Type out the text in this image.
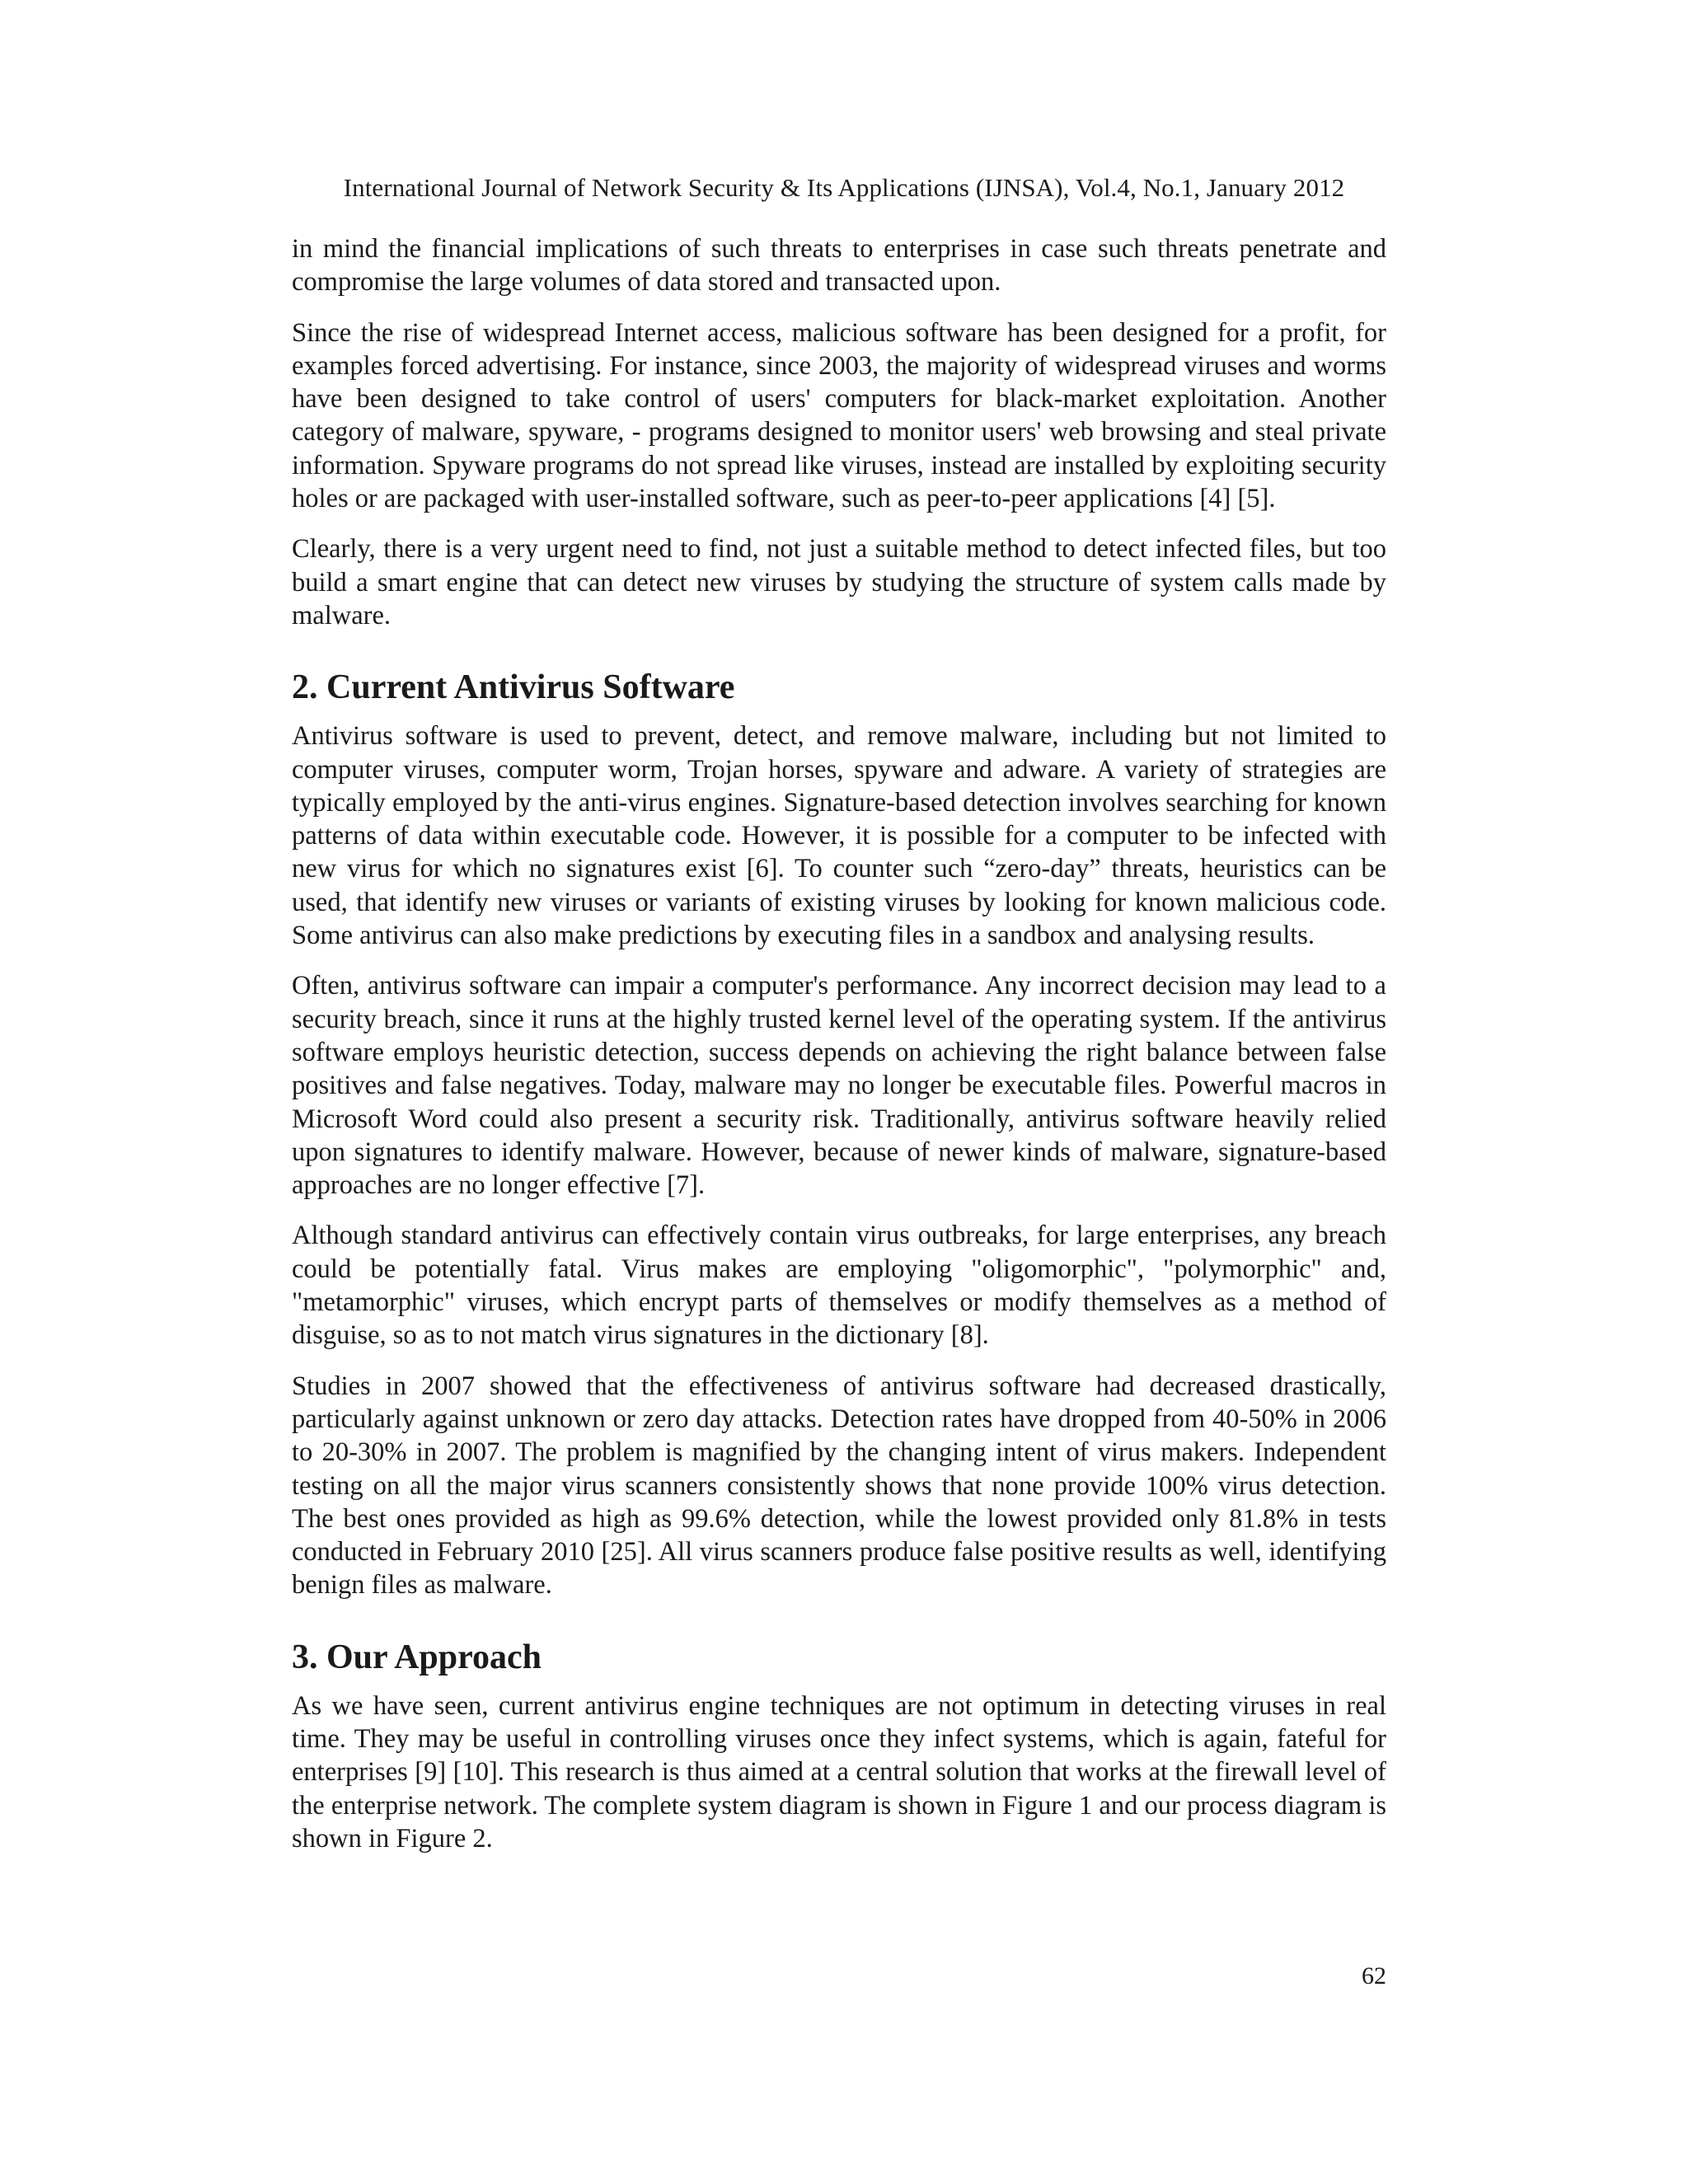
International Journal of Network Security & Its Applications (IJNSA), Vol.4, No.1, January 2012

in mind the financial implications of such threats to enterprises in case such threats penetrate and compromise the large volumes of data stored and transacted upon.

Since the rise of widespread Internet access, malicious software has been designed for a profit, for examples forced advertising. For instance, since 2003, the majority of widespread viruses and worms have been designed to take control of users' computers for black-market exploitation. Another category of malware, spyware, - programs designed to monitor users' web browsing and steal private information. Spyware programs do not spread like viruses, instead are installed by exploiting security holes or are packaged with user-installed software, such as peer-to-peer applications [4] [5].

Clearly, there is a very urgent need to find, not just a suitable method to detect infected files, but too build a smart engine that can detect new viruses by studying the structure of system calls made by malware.

2. Current Antivirus Software

Antivirus software is used to prevent, detect, and remove malware, including but not limited to computer viruses, computer worm, Trojan horses, spyware and adware. A variety of strategies are typically employed by the anti-virus engines. Signature-based detection involves searching for known patterns of data within executable code. However, it is possible for a computer to be infected with new virus for which no signatures exist [6]. To counter such “zero-day” threats, heuristics can be used, that identify new viruses or variants of existing viruses by looking for known malicious code. Some antivirus can also make predictions by executing files in a sandbox and analysing results.

Often, antivirus software can impair a computer's performance. Any incorrect decision may lead to a security breach, since it runs at the highly trusted kernel level of the operating system. If the antivirus software employs heuristic detection, success depends on achieving the right balance between false positives and false negatives. Today, malware may no longer be executable files. Powerful macros in Microsoft Word could also present a security risk. Traditionally, antivirus software heavily relied upon signatures to identify malware. However, because of newer kinds of malware, signature-based approaches are no longer effective [7].

Although standard antivirus can effectively contain virus outbreaks, for large enterprises, any breach could be potentially fatal. Virus makes are employing "oligomorphic", "polymorphic" and, "metamorphic" viruses, which encrypt parts of themselves or modify themselves as a method of disguise, so as to not match virus signatures in the dictionary [8].

Studies in 2007 showed that the effectiveness of antivirus software had decreased drastically, particularly against unknown or zero day attacks. Detection rates have dropped from 40-50% in 2006 to 20-30% in 2007. The problem is magnified by the changing intent of virus makers. Independent testing on all the major virus scanners consistently shows that none provide 100% virus detection. The best ones provided as high as 99.6% detection, while the lowest provided only 81.8% in tests conducted in February 2010 [25]. All virus scanners produce false positive results as well, identifying benign files as malware.

3. Our Approach

As we have seen, current antivirus engine techniques are not optimum in detecting viruses in real time. They may be useful in controlling viruses once they infect systems, which is again, fateful for enterprises [9] [10]. This research is thus aimed at a central solution that works at the firewall level of the enterprise network. The complete system diagram is shown in Figure 1 and our process diagram is shown in Figure 2.

62
